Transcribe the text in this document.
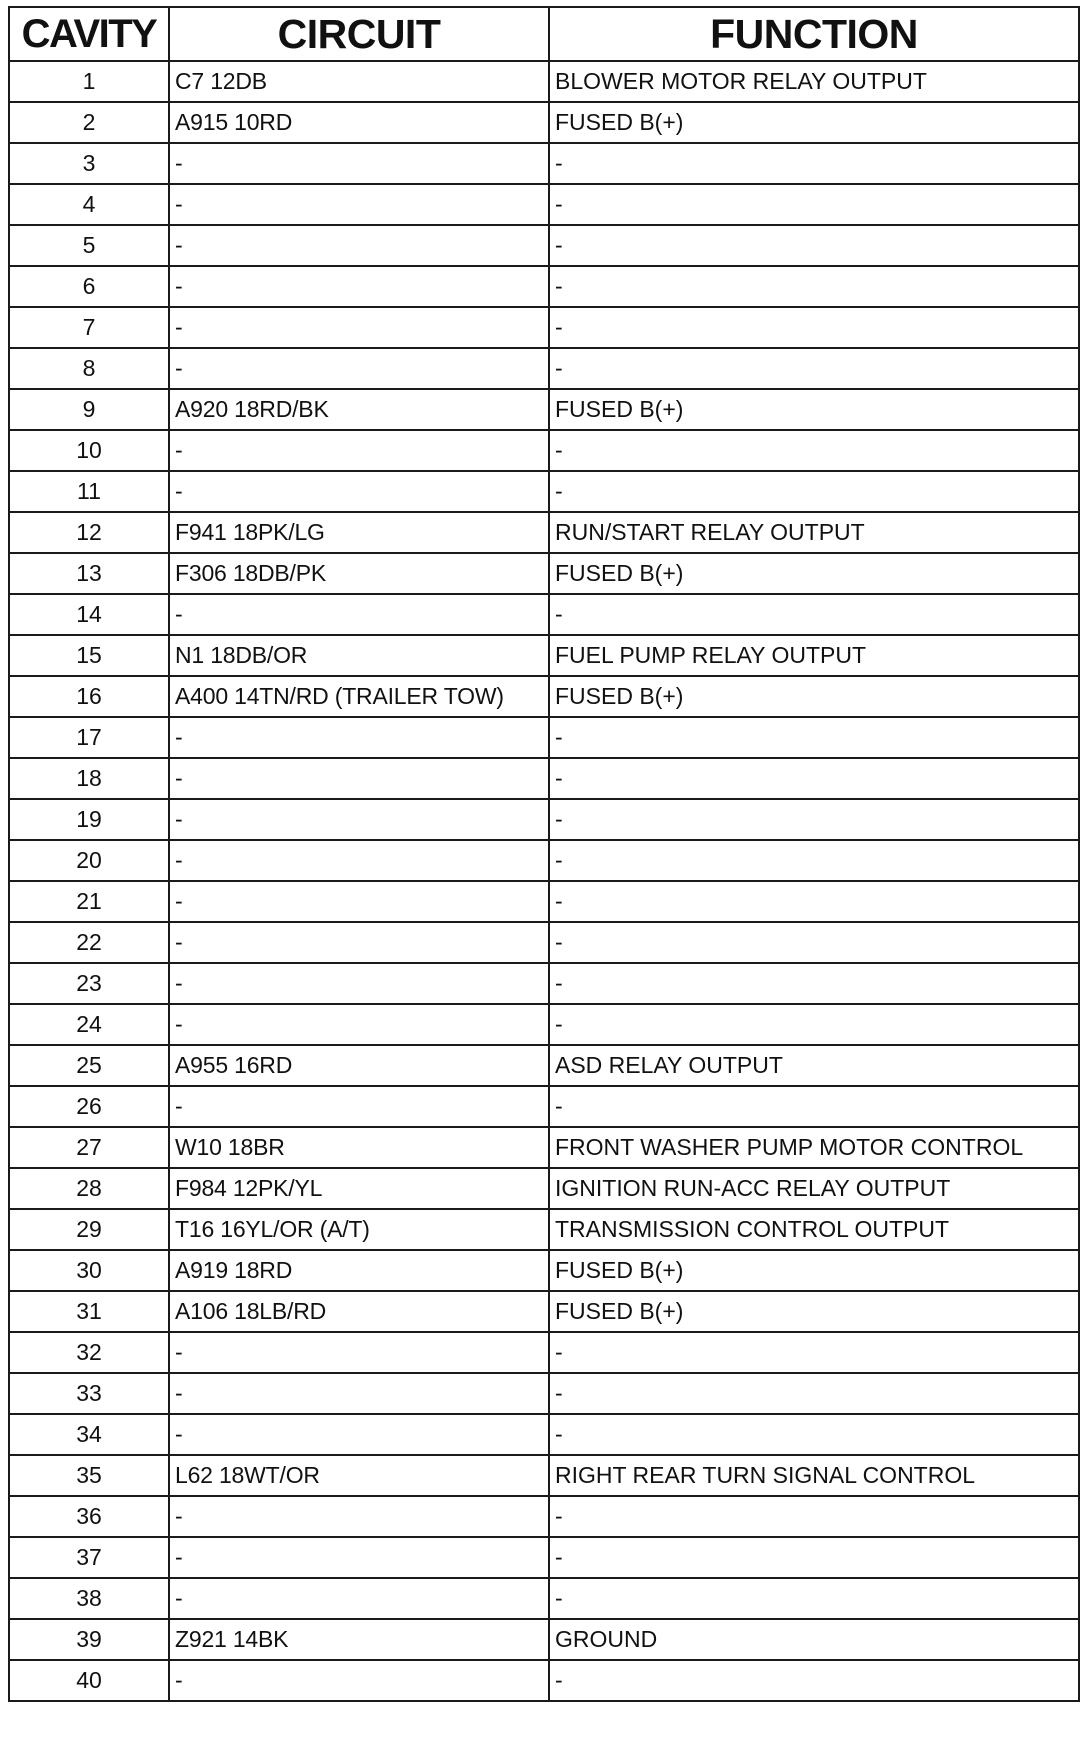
CAVITY	CIRCUIT	FUNCTION
1	C7 12DB	BLOWER MOTOR RELAY OUTPUT
2	A915 10RD	FUSED B(+)
3	-	-
4	-	-
5	-	-
6	-	-
7	-	-
8	-	-
9	A920 18RD/BK	FUSED B(+)
10	-	-
11	-	-
12	F941 18PK/LG	RUN/START RELAY OUTPUT
13	F306 18DB/PK	FUSED B(+)
14	-	-
15	N1 18DB/OR	FUEL PUMP RELAY OUTPUT
16	A400 14TN/RD (TRAILER TOW)	FUSED B(+)
17	-	-
18	-	-
19	-	-
20	-	-
21	-	-
22	-	-
23	-	-
24	-	-
25	A955 16RD	ASD RELAY OUTPUT
26	-	-
27	W10 18BR	FRONT WASHER PUMP MOTOR CONTROL
28	F984 12PK/YL	IGNITION RUN-ACC RELAY OUTPUT
29	T16 16YL/OR (A/T)	TRANSMISSION CONTROL OUTPUT
30	A919 18RD	FUSED B(+)
31	A106 18LB/RD	FUSED B(+)
32	-	-
33	-	-
34	-	-
35	L62 18WT/OR	RIGHT REAR TURN SIGNAL CONTROL
36	-	-
37	-	-
38	-	-
39	Z921 14BK	GROUND
40	-	-
